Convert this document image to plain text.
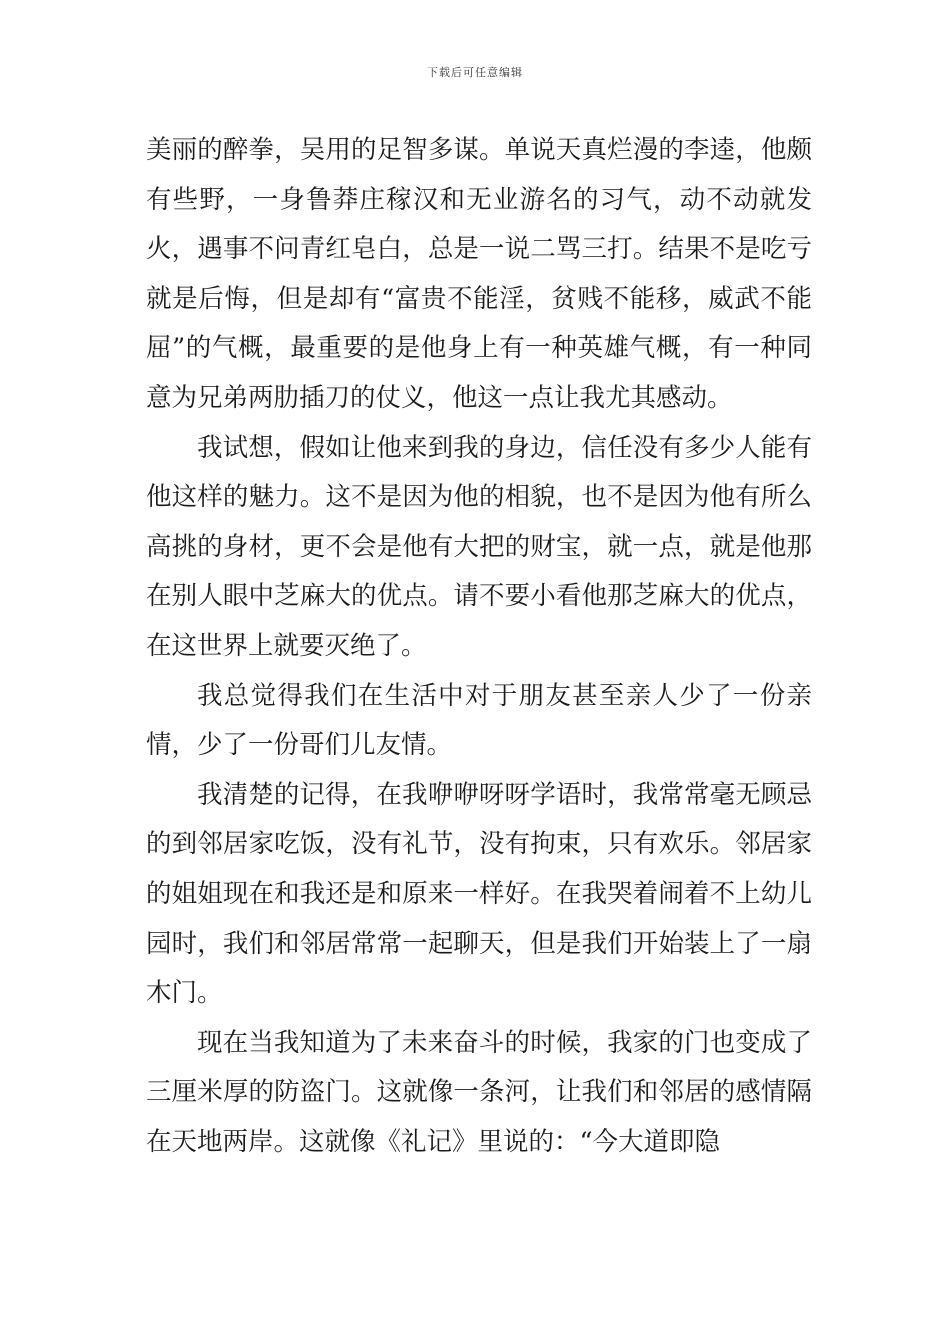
下载后可任意编辑

美丽的醉拳，吴用的足智多谋。单说天真烂漫的李逵，他颇有些野，一身鲁莽庄稼汉和无业游名的习气，动不动就发火，遇事不问青红皂白，总是一说二骂三打。结果不是吃亏就是后悔，但是却有“富贵不能淫，贫贱不能移，威武不能屈”的气概，最重要的是他身上有一种英雄气概，有一种同意为兄弟两肋插刀的仗义，他这一点让我尤其感动。

我试想，假如让他来到我的身边，信任没有多少人能有他这样的魅力。这不是因为他的相貌，也不是因为他有所么高挑的身材，更不会是他有大把的财宝，就一点，就是他那在别人眼中芝麻大的优点。请不要小看他那芝麻大的优点，在这世界上就要灭绝了。

我总觉得我们在生活中对于朋友甚至亲人少了一份亲情，少了一份哥们儿友情。

我清楚的记得，在我咿咿呀呀学语时，我常常毫无顾忌的到邻居家吃饭，没有礼节，没有拘束，只有欢乐。邻居家的姐姐现在和我还是和原来一样好。在我哭着闹着不上幼儿园时，我们和邻居常常一起聊天，但是我们开始装上了一扇木门。

现在当我知道为了未来奋斗的时候，我家的门也变成了三厘米厚的防盗门。这就像一条河，让我们和邻居的感情隔在天地两岸。这就像《礼记》里说的：“今大道即隐
